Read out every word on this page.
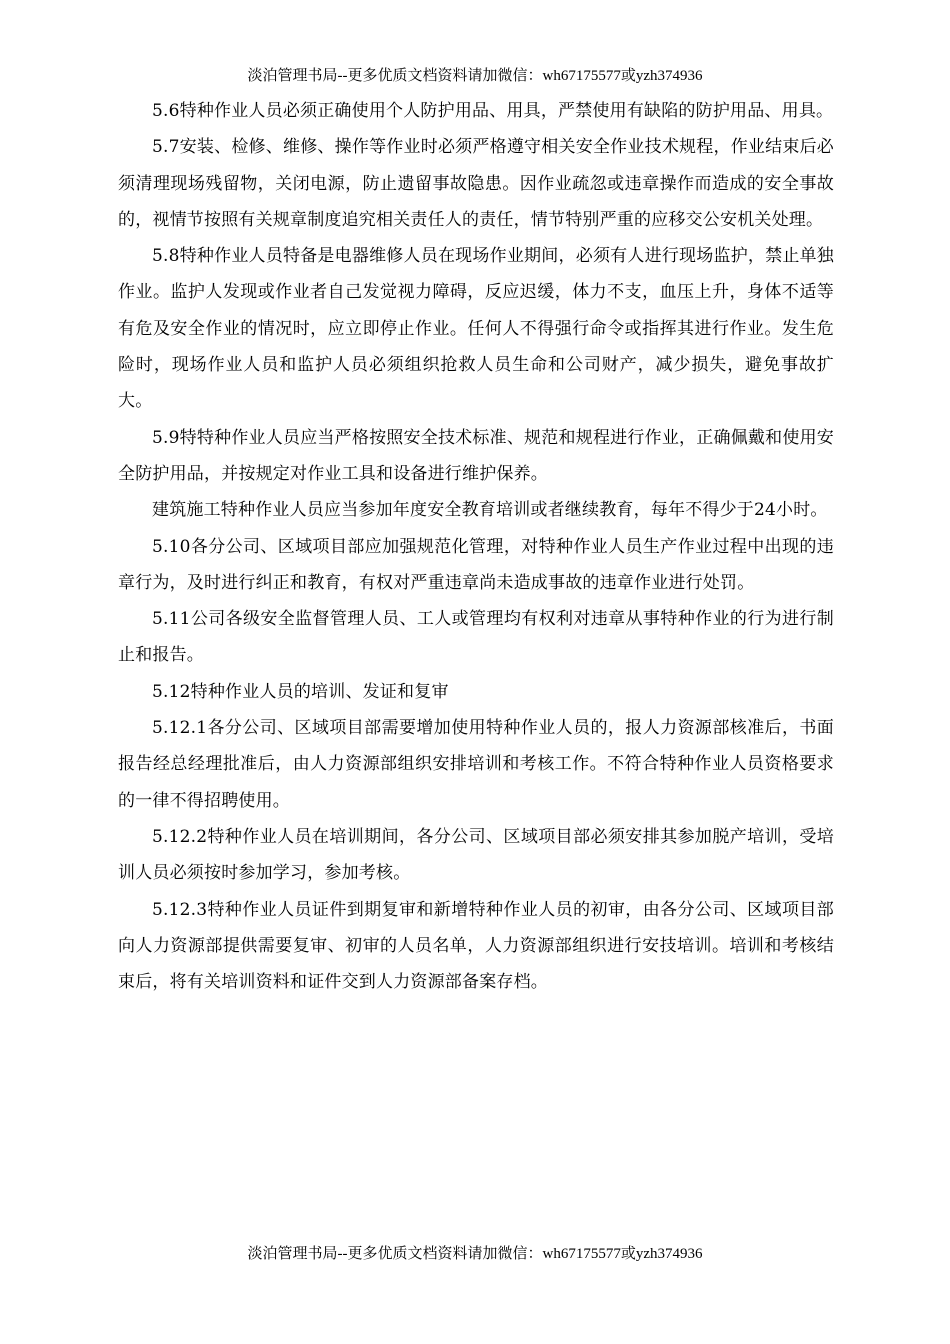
淡泊管理书局--更多优质文档资料请加微信：wh67175577或yzh374936

5.6特种作业人员必须正确使用个人防护用品、用具，严禁使用有缺陷的防护用品、用具。

5.7安装、检修、维修、操作等作业时必须严格遵守相关安全作业技术规程，作业结束后必须清理现场残留物，关闭电源，防止遗留事故隐患。因作业疏忽或违章操作而造成的安全事故的，视情节按照有关规章制度追究相关责任人的责任，情节特别严重的应移交公安机关处理。

5.8特种作业人员特备是电器维修人员在现场作业期间，必须有人进行现场监护，禁止单独作业。监护人发现或作业者自己发觉视力障碍，反应迟缓，体力不支，血压上升，身体不适等有危及安全作业的情况时，应立即停止作业。任何人不得强行命令或指挥其进行作业。发生危险时，现场作业人员和监护人员必须组织抢救人员生命和公司财产，减少损失，避免事故扩大。

5.9特特种作业人员应当严格按照安全技术标准、规范和规程进行作业，正确佩戴和使用安全防护用品，并按规定对作业工具和设备进行维护保养。

建筑施工特种作业人员应当参加年度安全教育培训或者继续教育，每年不得少于24小时。

5.10各分公司、区域项目部应加强规范化管理，对特种作业人员生产作业过程中出现的违章行为，及时进行纠正和教育，有权对严重违章尚未造成事故的违章作业进行处罚。

5.11公司各级安全监督管理人员、工人或管理均有权利对违章从事特种作业的行为进行制止和报告。

5.12特种作业人员的培训、发证和复审

5.12.1各分公司、区域项目部需要增加使用特种作业人员的，报人力资源部核准后，书面报告经总经理批准后，由人力资源部组织安排培训和考核工作。不符合特种作业人员资格要求的一律不得招聘使用。

5.12.2特种作业人员在培训期间，各分公司、区域项目部必须安排其参加脱产培训，受培训人员必须按时参加学习，参加考核。

5.12.3特种作业人员证件到期复审和新增特种作业人员的初审，由各分公司、区域项目部向人力资源部提供需要复审、初审的人员名单，人力资源部组织进行安技培训。培训和考核结束后，将有关培训资料和证件交到人力资源部备案存档。

淡泊管理书局--更多优质文档资料请加微信：wh67175577或yzh374936
